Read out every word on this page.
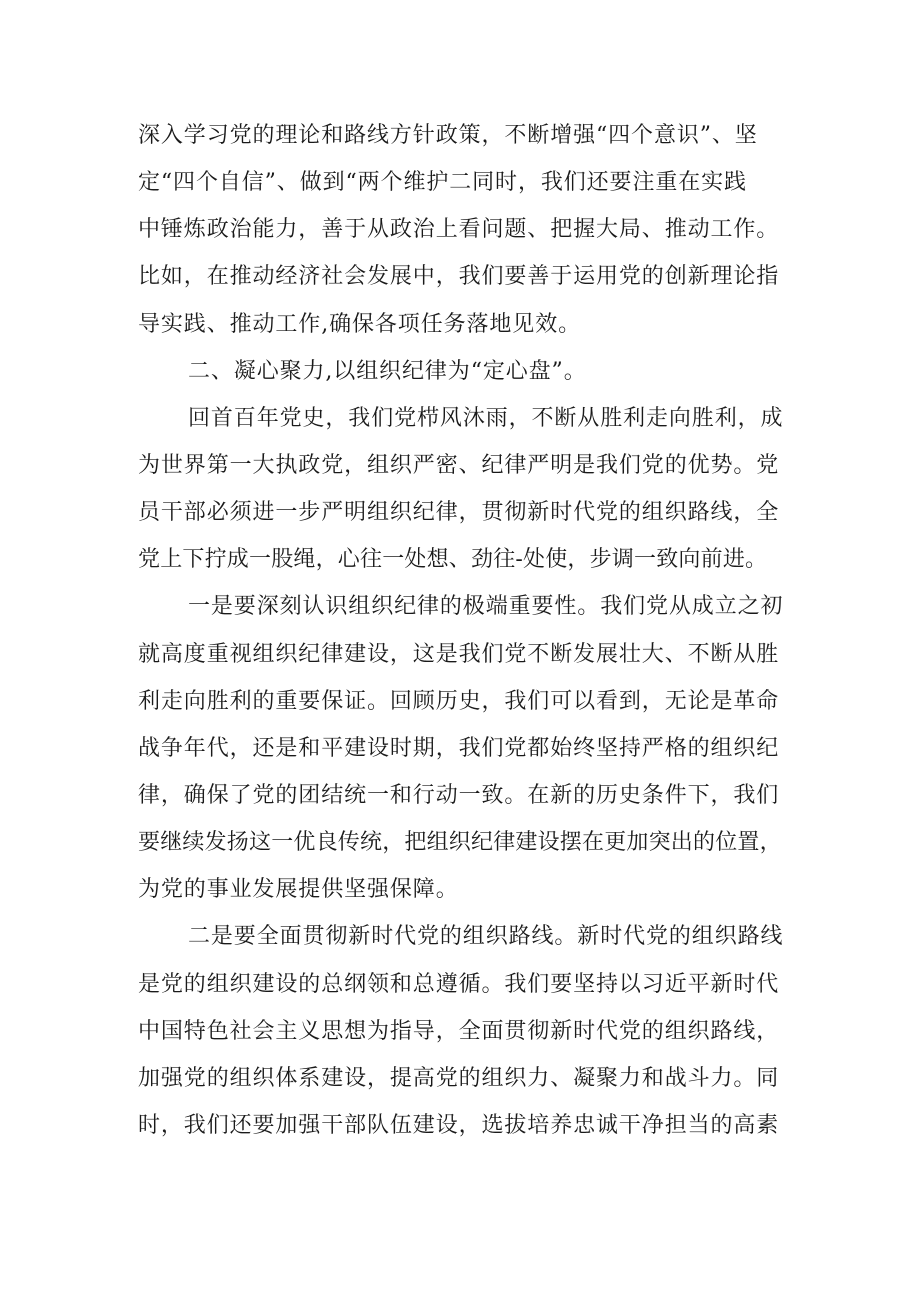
深入学习党的理论和路线方针政策，不断增强“四个意识”、坚
定“四个自信”、做到“两个维护二同时，我们还要注重在实践
中锤炼政治能力，善于从政治上看问题、把握大局、推动工作。
比如，在推动经济社会发展中，我们要善于运用党的创新理论指
导实践、推动工作,确保各项任务落地见效。
二、凝心聚力,以组织纪律为“定心盘”。
回首百年党史，我们党栉风沐雨，不断从胜利走向胜利，成
为世界第一大执政党，组织严密、纪律严明是我们党的优势。党
员干部必须进一步严明组织纪律，贯彻新时代党的组织路线，全
党上下拧成一股绳，心往一处想、劲往-处使，步调一致向前进。
一是要深刻认识组织纪律的极端重要性。我们党从成立之初
就高度重视组织纪律建设，这是我们党不断发展壮大、不断从胜
利走向胜利的重要保证。回顾历史，我们可以看到，无论是革命
战争年代，还是和平建设时期，我们党都始终坚持严格的组织纪
律，确保了党的团结统一和行动一致。在新的历史条件下，我们
要继续发扬这一优良传统，把组织纪律建设摆在更加突出的位置，
为党的事业发展提供坚强保障。
二是要全面贯彻新时代党的组织路线。新时代党的组织路线
是党的组织建设的总纲领和总遵循。我们要坚持以习近平新时代
中国特色社会主义思想为指导，全面贯彻新时代党的组织路线，
加强党的组织体系建设，提高党的组织力、凝聚力和战斗力。同
时，我们还要加强干部队伍建设，选拔培养忠诚干净担当的高素
